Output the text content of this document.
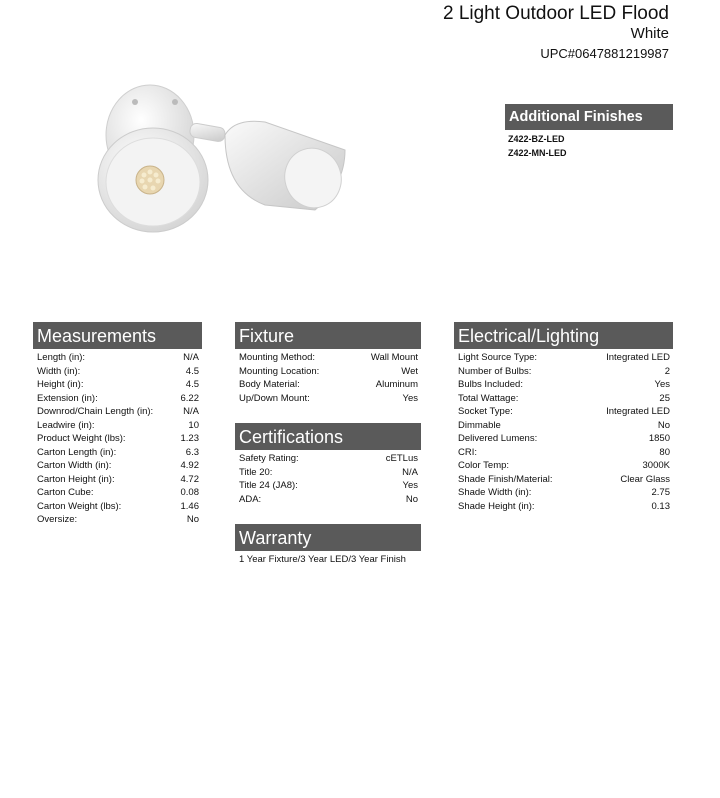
2 Light Outdoor LED Flood
White
UPC#0647881219987
Additional Finishes
Z422-BZ-LED
Z422-MN-LED
Measurements
Length (in):	N/A
Width (in):	4.5
Height (in):	4.5
Extension (in):	6.22
Downrod/Chain Length (in):	N/A
Leadwire (in):	10
Product Weight (lbs):	1.23
Carton Length (in):	6.3
Carton Width (in):	4.92
Carton Height (in):	4.72
Carton Cube:	0.08
Carton Weight (lbs):	1.46
Oversize:	No
Fixture
Mounting Method:	Wall Mount
Mounting Location:	Wet
Body Material:	Aluminum
Up/Down Mount:	Yes
Certifications
Safety Rating:	cETLus
Title 20:	N/A
Title 24 (JA8):	Yes
ADA:	No
Warranty
1 Year Fixture/3 Year LED/3 Year Finish
Electrical/Lighting
Light Source Type:	Integrated LED
Number of Bulbs:	2
Bulbs Included:	Yes
Total Wattage:	25
Socket Type:	Integrated LED
Dimmable	No
Delivered Lumens:	1850
CRI:	80
Color Temp:	3000K
Shade Finish/Material:	Clear Glass
Shade Width (in):	2.75
Shade Height (in):	0.13
